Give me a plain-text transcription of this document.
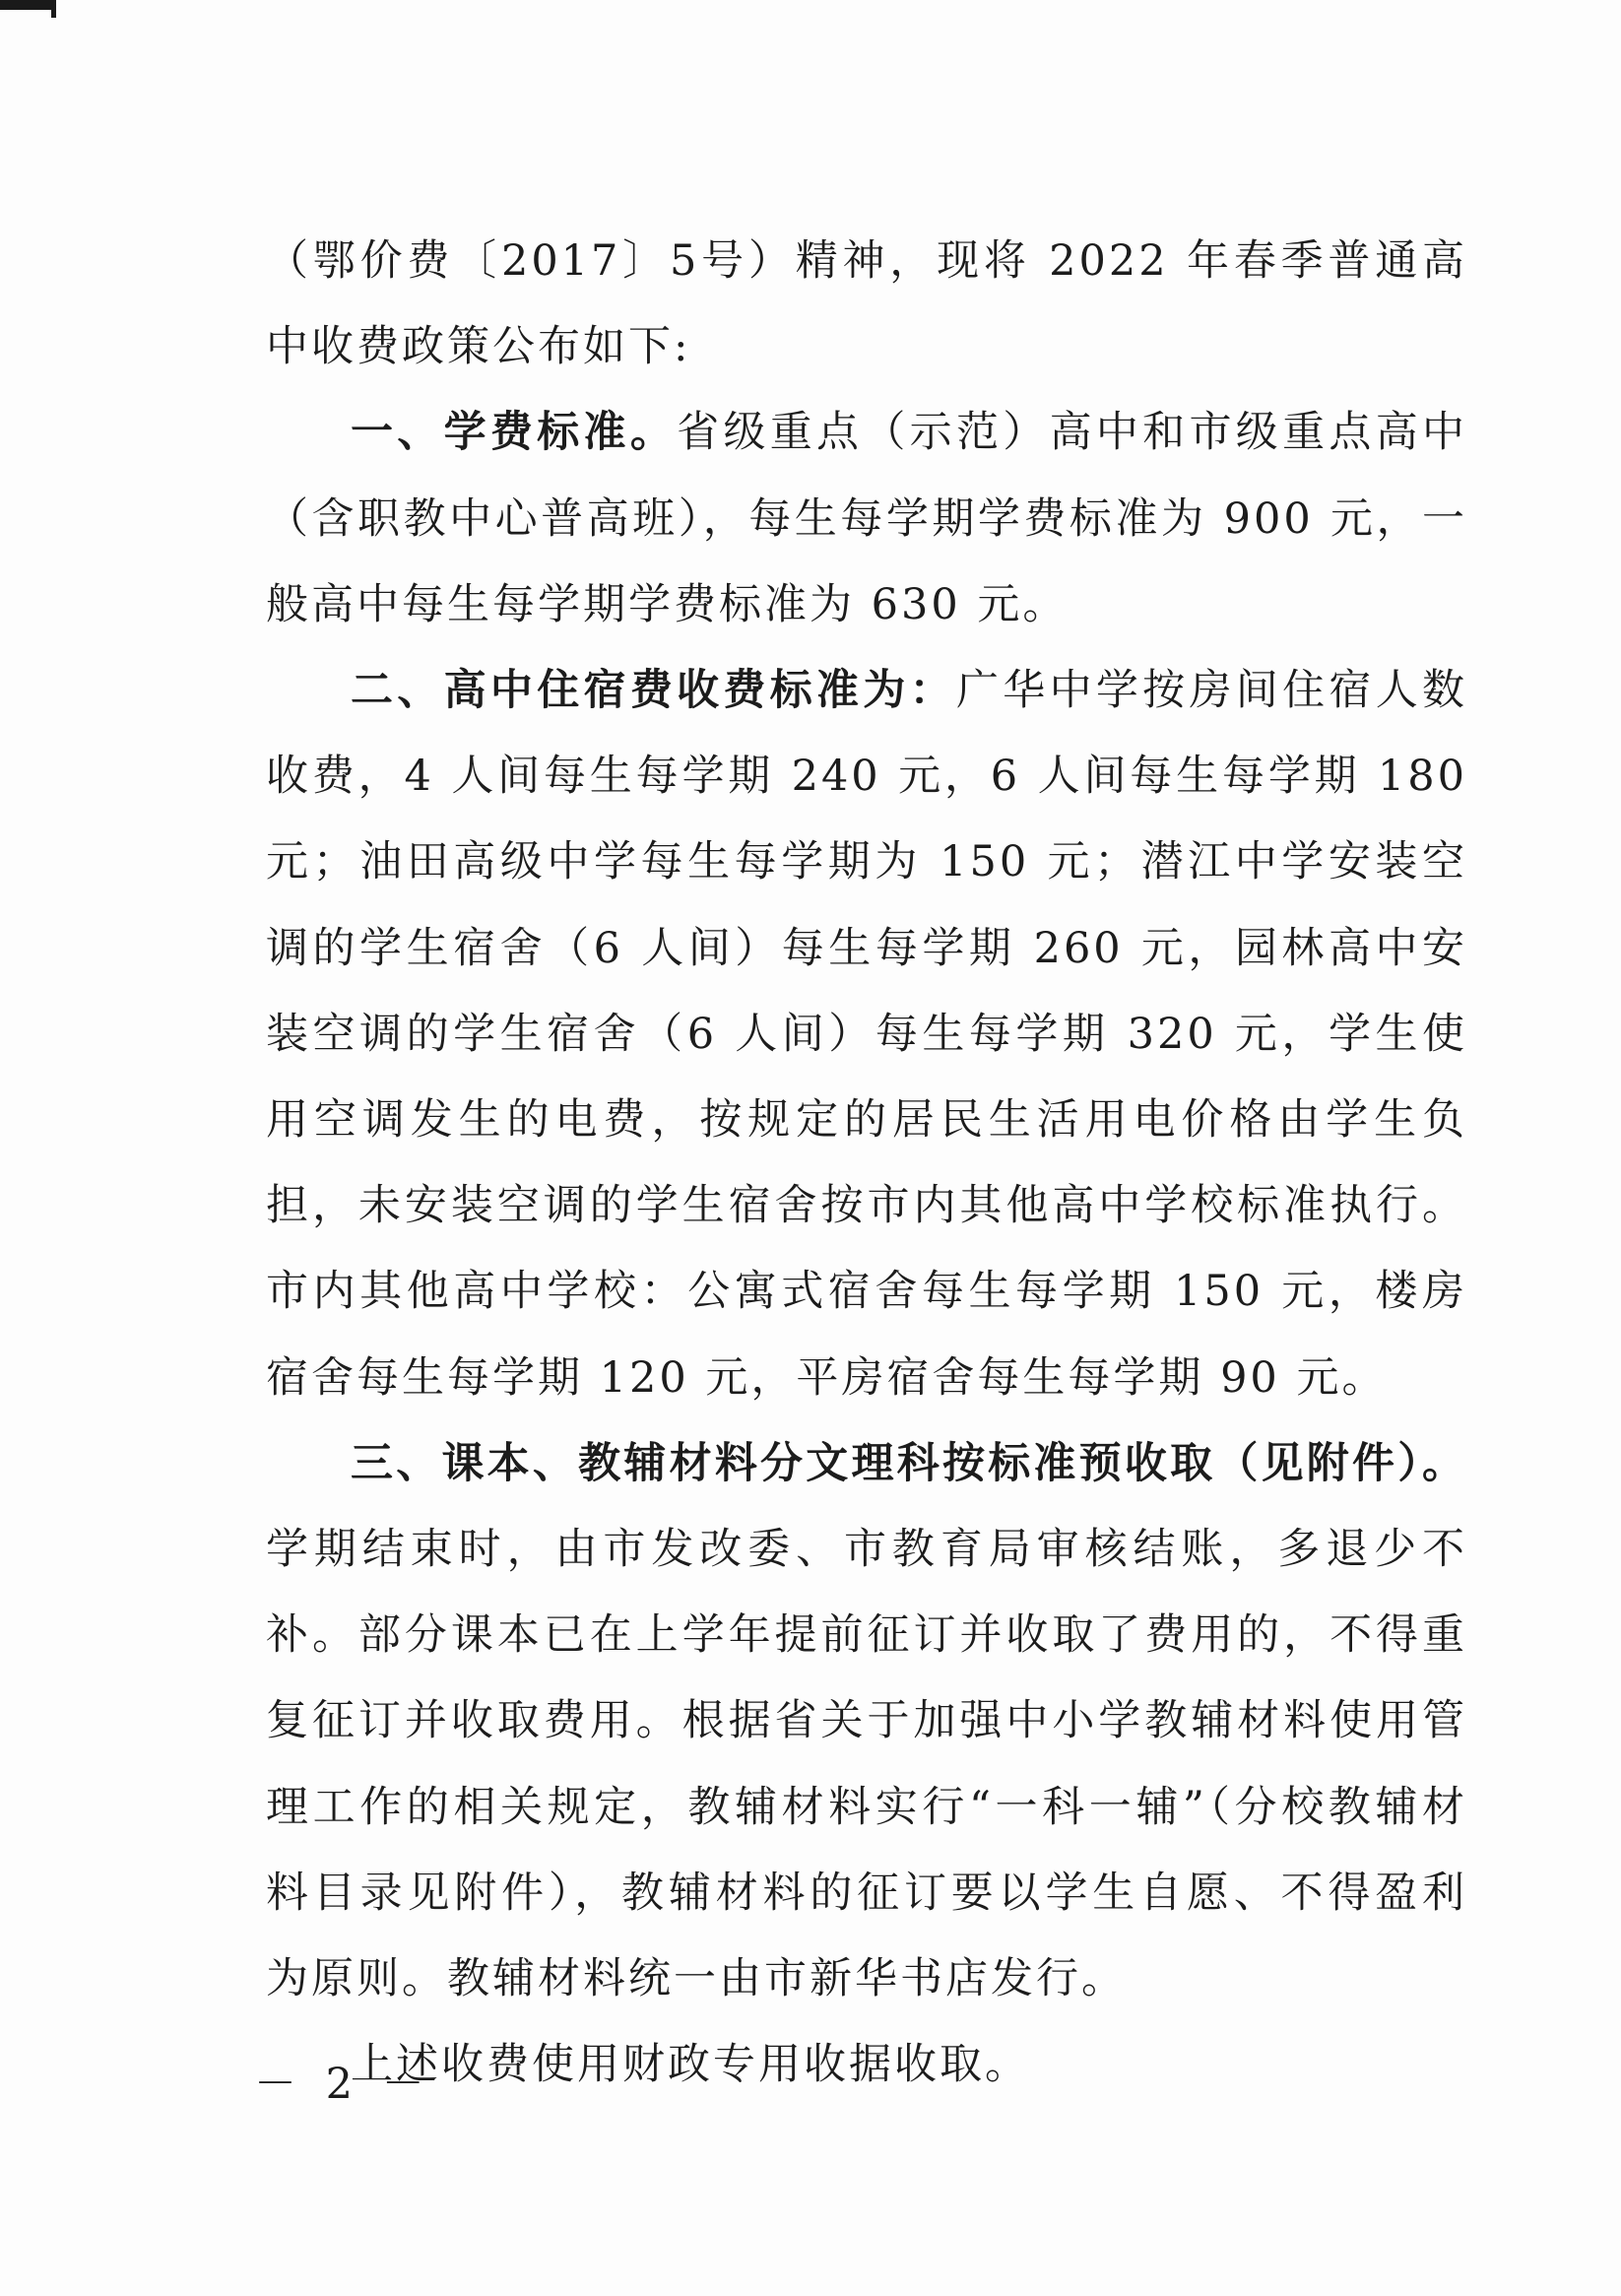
（鄂价费〔2017〕5号）精神，现将 2022 年春季普通高中收费政策公布如下:

一、学费标准。省级重点（示范）高中和市级重点高中（含职教中心普高班），每生每学期学费标准为 900 元，一般高中每生每学期学费标准为 630 元。

二、高中住宿费收费标准为：广华中学按房间住宿人数收费，4 人间每生每学期 240 元，6 人间每生每学期 180 元；油田高级中学每生每学期为 150 元；潜江中学安装空调的学生宿舍（6 人间）每生每学期 260 元，园林高中安装空调的学生宿舍（6 人间）每生每学期 320 元，学生使用空调发生的电费，按规定的居民生活用电价格由学生负担，未安装空调的学生宿舍按市内其他高中学校标准执行。市内其他高中学校：公寓式宿舍每生每学期 150 元，楼房宿舍每生每学期 120 元，平房宿舍每生每学期 90 元。

三、课本、教辅材料分文理科按标准预收取（见附件）。学期结束时，由市发改委、市教育局审核结账，多退少不补。部分课本已在上学年提前征订并收取了费用的，不得重复征订并收取费用。根据省关于加强中小学教辅材料使用管理工作的相关规定，教辅材料实行“一科一辅”（分校教辅材料目录见附件），教辅材料的征订要以学生自愿、不得盈利为原则。教辅材料统一由市新华书店发行。

上述收费使用财政专用收据收取。

－ 2 －
